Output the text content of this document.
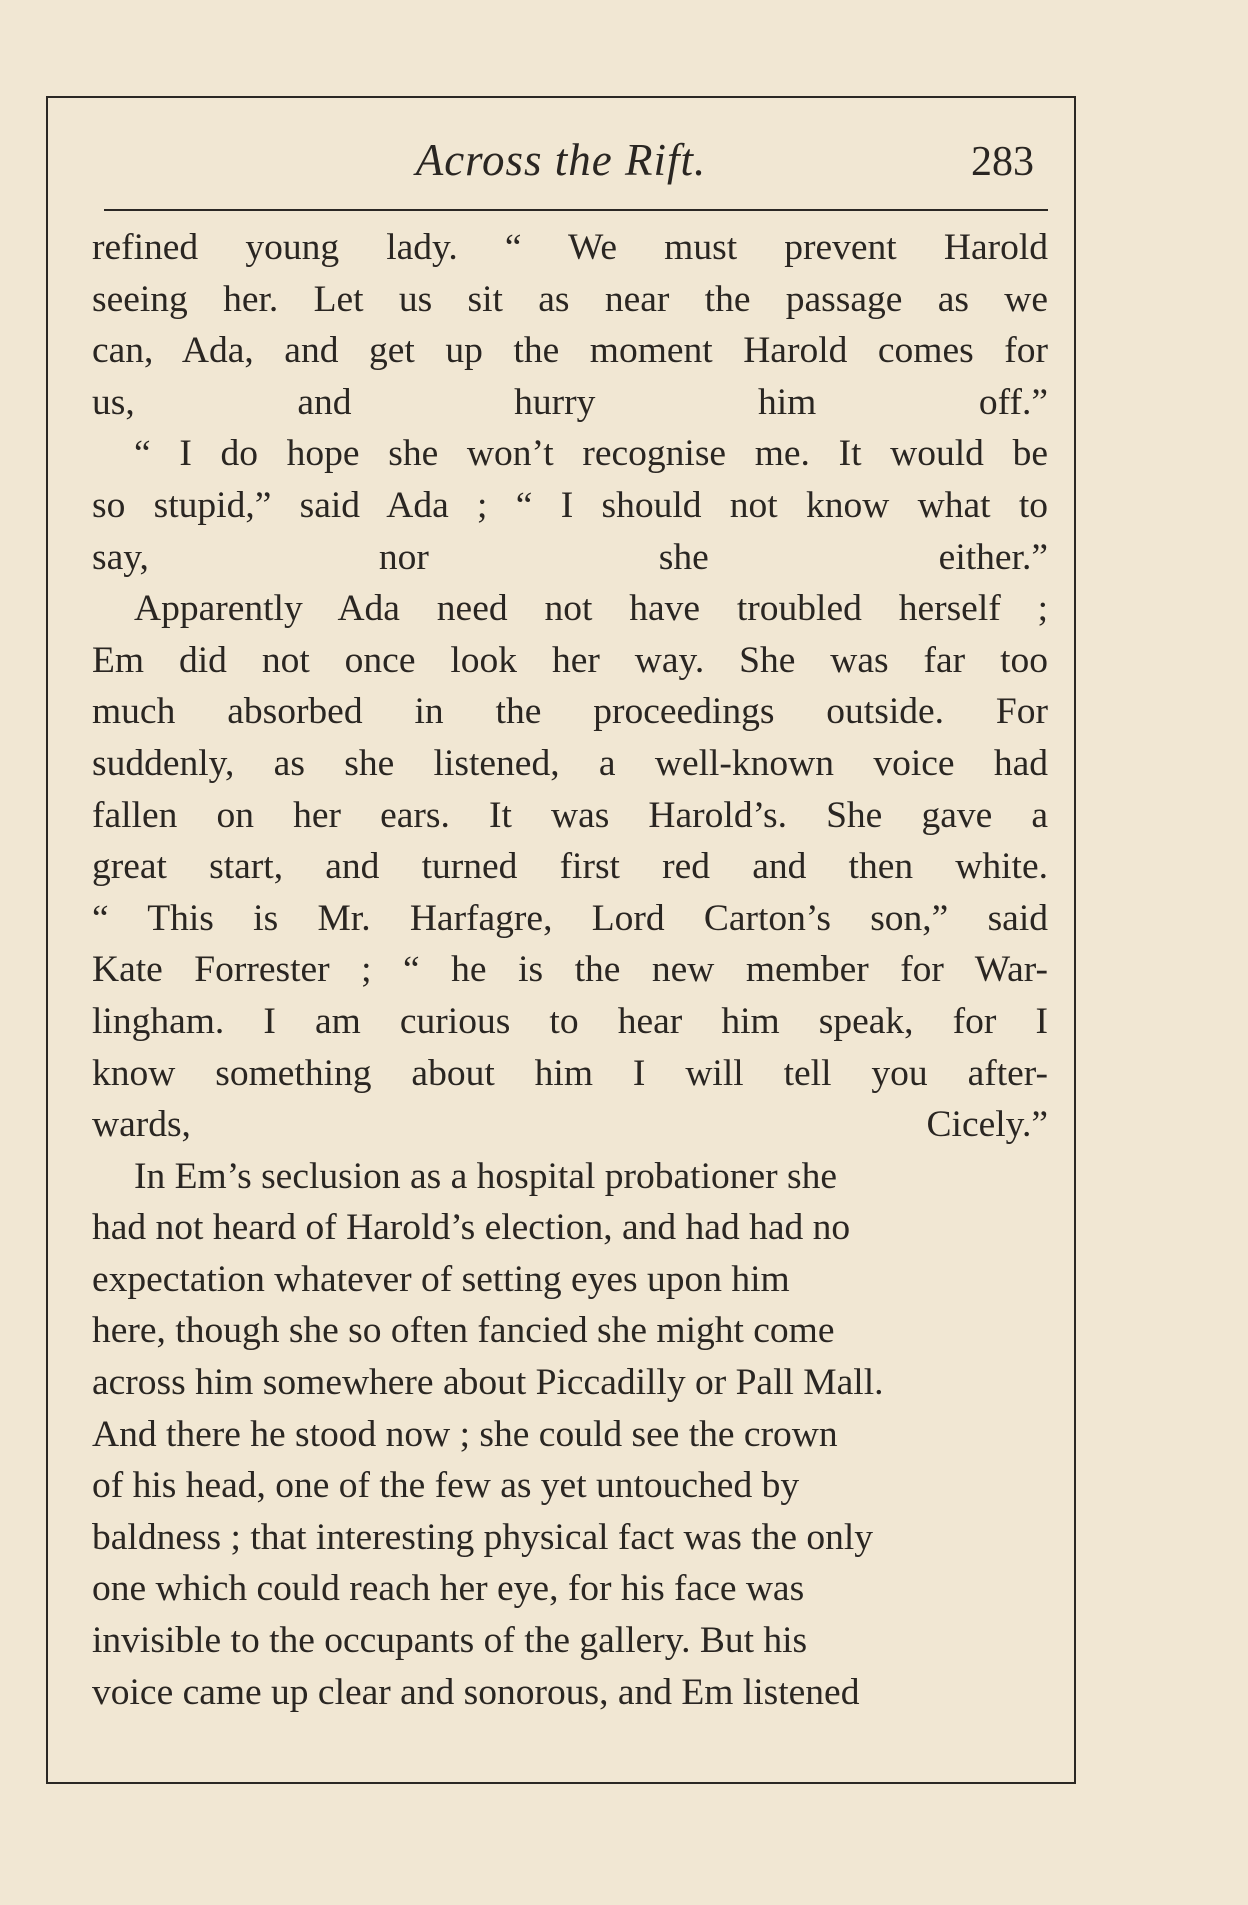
Across the Rift.	283

refined young lady. “ We must prevent Harold
seeing her. Let us sit as near the passage as we
can, Ada, and get up the moment Harold comes for
us, and hurry him off.”

“ I do hope she won’t recognise me. It would be
so stupid,” said Ada ; “ I should not know what to
say, nor she either.”

Apparently Ada need not have troubled herself ;
Em did not once look her way. She was far too
much absorbed in the proceedings outside. For
suddenly, as she listened, a well-known voice had
fallen on her ears. It was Harold’s. She gave a
great start, and turned first red and then white.
“ This is Mr. Harfagre, Lord Carton’s son,” said
Kate Forrester ; “ he is the new member for War-
lingham. I am curious to hear him speak, for I
know something about him I will tell you after-
wards, Cicely.”

In Em’s seclusion as a hospital probationer she
had not heard of Harold’s election, and had had no
expectation whatever of setting eyes upon him
here, though she so often fancied she might come
across him somewhere about Piccadilly or Pall Mall.
And there he stood now ; she could see the crown
of his head, one of the few as yet untouched by
baldness ; that interesting physical fact was the only
one which could reach her eye, for his face was
invisible to the occupants of the gallery. But his
voice came up clear and sonorous, and Em listened
